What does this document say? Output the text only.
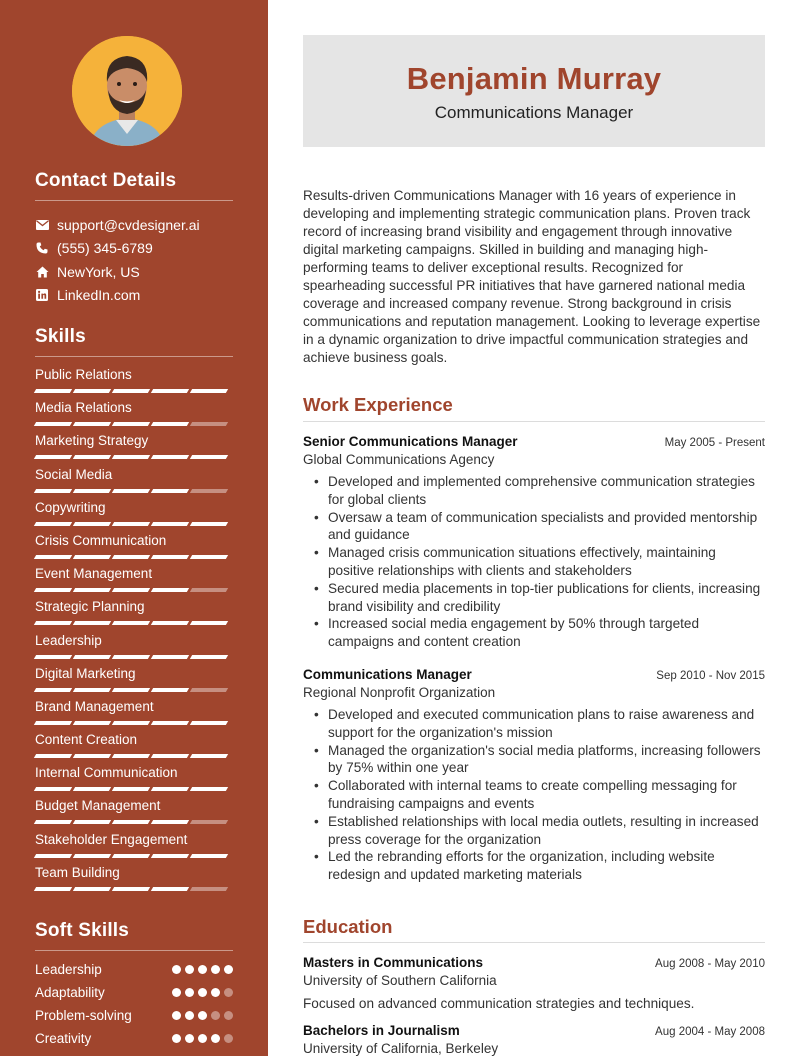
Contact Details
support@cvdesigner.ai
(555) 345-6789
NewYork, US
LinkedIn.com
Skills
Public Relations
Media Relations
Marketing Strategy
Social Media
Copywriting
Crisis Communication
Event Management
Strategic Planning
Leadership
Digital Marketing
Brand Management
Content Creation
Internal Communication
Budget Management
Stakeholder Engagement
Team Building
Soft Skills
Leadership
Adaptability
Problem-solving
Creativity
Benjamin Murray
Communications Manager

Results-driven Communications Manager with 16 years of experience in developing and implementing strategic communication plans. Proven track record of increasing brand visibility and engagement through innovative digital marketing campaigns. Skilled in building and managing high-performing teams to deliver exceptional results. Recognized for spearheading successful PR initiatives that have garnered national media coverage and increased company revenue. Strong background in crisis communications and reputation management. Looking to leverage expertise in a dynamic organization to drive impactful communication strategies and achieve business goals.

Work Experience
Senior Communications Manager	May 2005 - Present
Global Communications Agency
• Developed and implemented comprehensive communication strategies for global clients
• Oversaw a team of communication specialists and provided mentorship and guidance
• Managed crisis communication situations effectively, maintaining positive relationships with clients and stakeholders
• Secured media placements in top-tier publications for clients, increasing brand visibility and credibility
• Increased social media engagement by 50% through targeted campaigns and content creation
Communications Manager	Sep 2010 - Nov 2015
Regional Nonprofit Organization
• Developed and executed communication plans to raise awareness and support for the organization's mission
• Managed the organization's social media platforms, increasing followers by 75% within one year
• Collaborated with internal teams to create compelling messaging for fundraising campaigns and events
• Established relationships with local media outlets, resulting in increased press coverage for the organization
• Led the rebranding efforts for the organization, including website redesign and updated marketing materials
Education
Masters in Communications	Aug 2008 - May 2010
University of Southern California
Focused on advanced communication strategies and techniques.
Bachelors in Journalism	Aug 2004 - May 2008
University of California, Berkeley
